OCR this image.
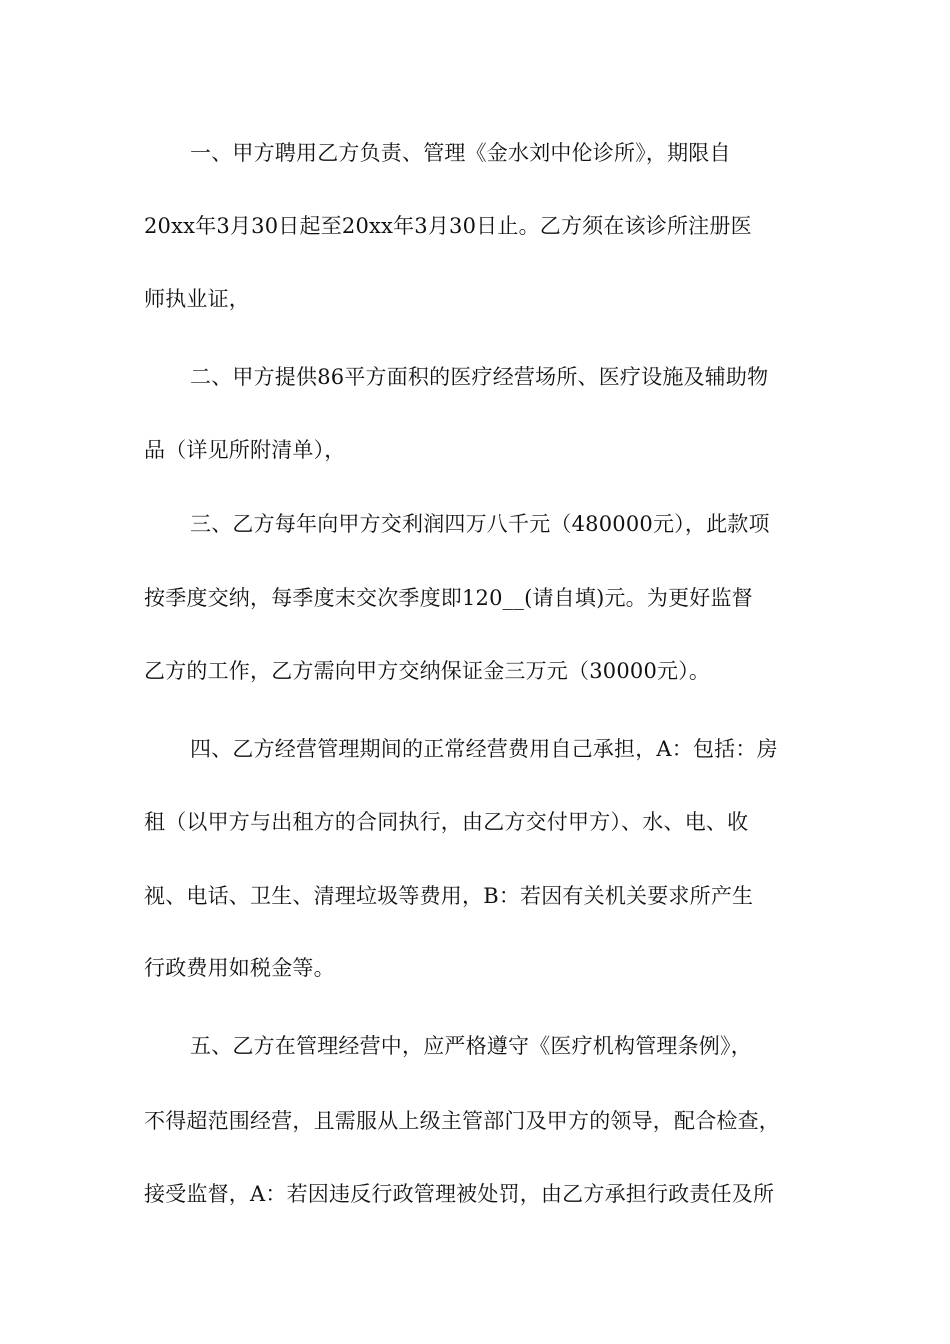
一、甲方聘用乙方负责、管理《金水刘中伦诊所》，期限自
20xx年3月30日起至20xx年3月30日止。乙方须在该诊所注册医
师执业证，
二、甲方提供86平方面积的医疗经营场所、医疗设施及辅助物
品（详见所附清单），
三、乙方每年向甲方交利润四万八千元（480000元），此款项
按季度交纳，每季度末交次季度即120__(请自填)元。为更好监督
乙方的工作，乙方需向甲方交纳保证金三万元（30000元）。
四、乙方经营管理期间的正常经营费用自己承担，A：包括：房
租（以甲方与出租方的合同执行，由乙方交付甲方）、水、电、收
视、电话、卫生、清理垃圾等费用，B：若因有关机关要求所产生
行政费用如税金等。
五、乙方在管理经营中，应严格遵守《医疗机构管理条例》，
不得超范围经营，且需服从上级主管部门及甲方的领导，配合检查，
接受监督，A：若因违反行政管理被处罚，由乙方承担行政责任及所
